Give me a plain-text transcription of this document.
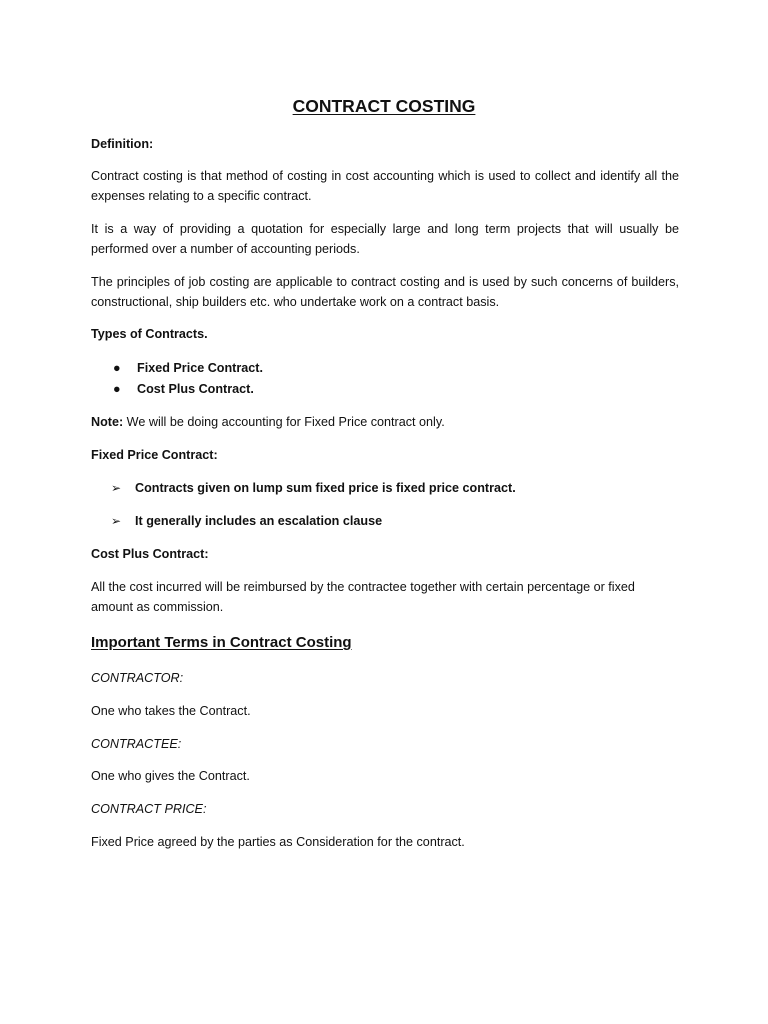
CONTRACT COSTING

Definition:

Contract costing is that method of costing in cost accounting which is used to collect and identify all the expenses relating to a specific contract.

It is a way of providing a quotation for especially large and long term projects that will usually be performed over a number of accounting periods.

The principles of job costing are applicable to contract costing and is used by such concerns of builders, constructional, ship builders etc. who undertake work on a contract basis.

Types of Contracts.

● Fixed Price Contract.
● Cost Plus Contract.

Note: We will be doing accounting for Fixed Price contract only.

Fixed Price Contract:

➢ Contracts given on lump sum fixed price is fixed price contract.
➢ It generally includes an escalation clause

Cost Plus Contract:

All the cost incurred will be reimbursed by the contractee together with certain percentage or fixed amount as commission.

Important Terms in Contract Costing

CONTRACTOR:

One who takes the Contract.

CONTRACTEE:

One who gives the Contract.

CONTRACT PRICE:

Fixed Price agreed by the parties as Consideration for the contract.
